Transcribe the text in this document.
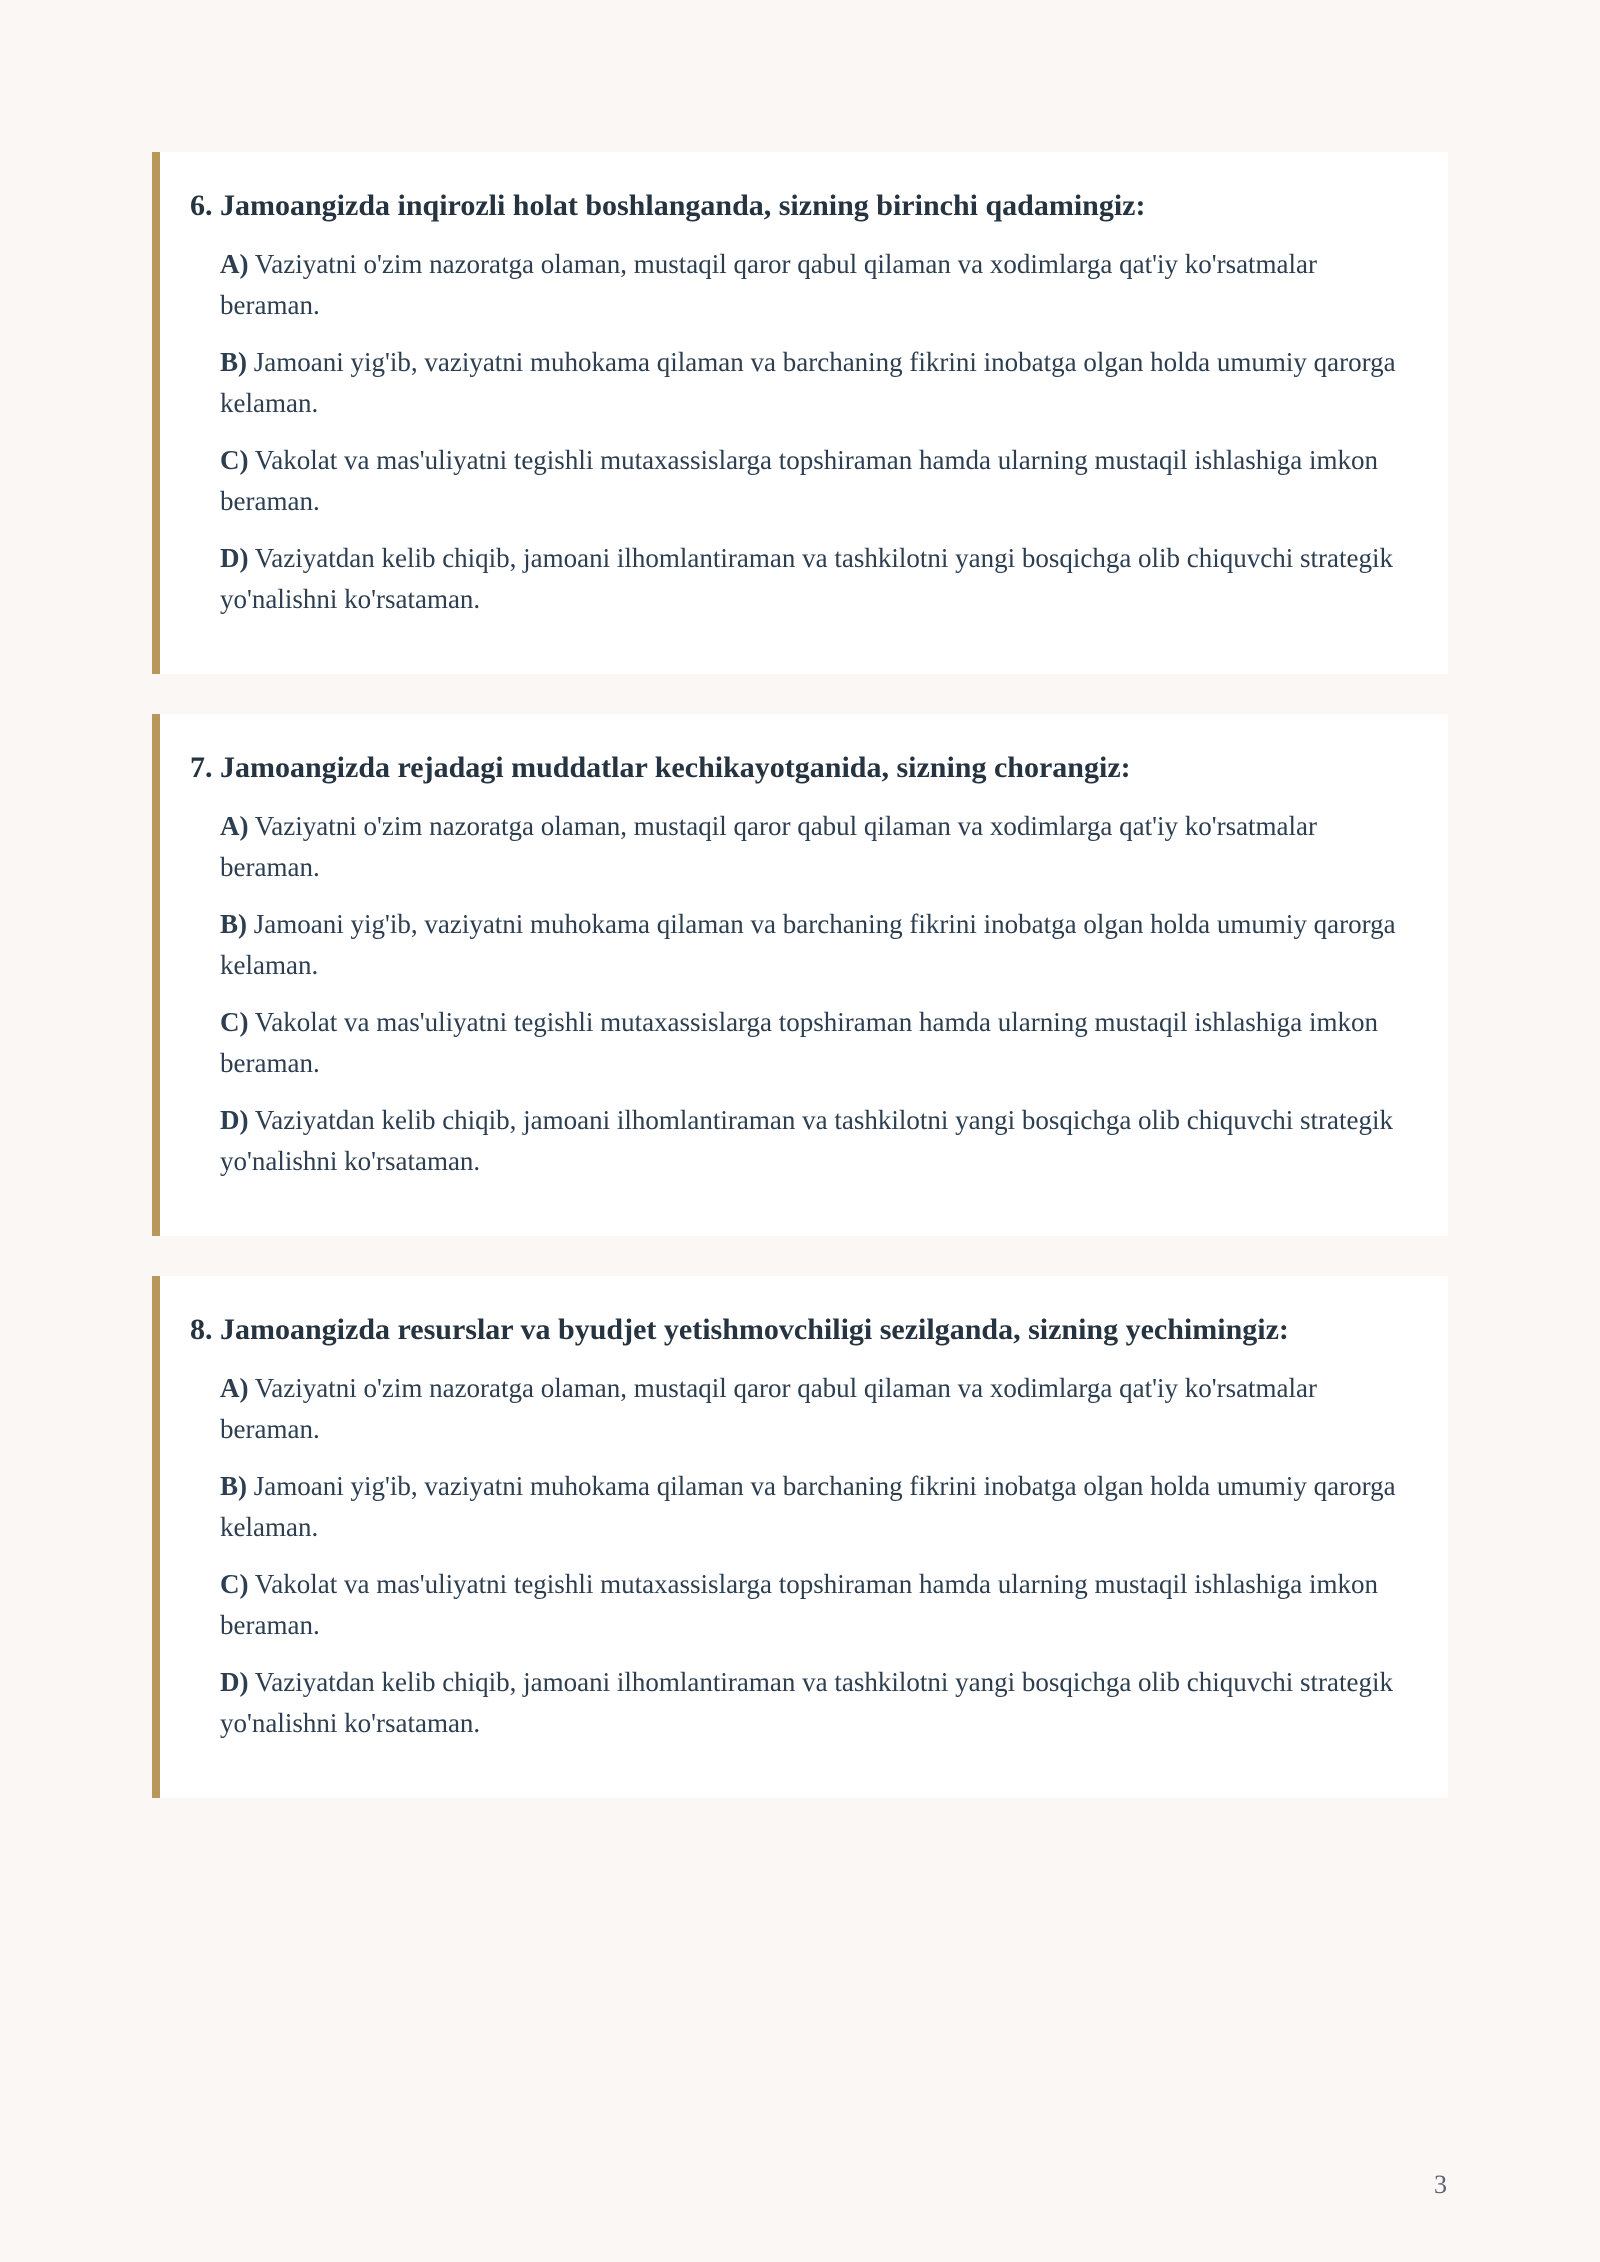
6. Jamoangizda inqirozli holat boshlanganda, sizning birinchi qadamingiz:

A) Vaziyatni o'zim nazoratga olaman, mustaqil qaror qabul qilaman va xodimlarga qat'iy ko'rsatmalar beraman.

B) Jamoani yig'ib, vaziyatni muhokama qilaman va barchaning fikrini inobatga olgan holda umumiy qarorga kelaman.

C) Vakolat va mas'uliyatni tegishli mutaxassislarga topshiraman hamda ularning mustaqil ishlashiga imkon beraman.

D) Vaziyatdan kelib chiqib, jamoani ilhomlantiraman va tashkilotni yangi bosqichga olib chiquvchi strategik yo'nalishni ko'rsataman.

7. Jamoangizda rejadagi muddatlar kechikayotganida, sizning chorangiz:

A) Vaziyatni o'zim nazoratga olaman, mustaqil qaror qabul qilaman va xodimlarga qat'iy ko'rsatmalar beraman.

B) Jamoani yig'ib, vaziyatni muhokama qilaman va barchaning fikrini inobatga olgan holda umumiy qarorga kelaman.

C) Vakolat va mas'uliyatni tegishli mutaxassislarga topshiraman hamda ularning mustaqil ishlashiga imkon beraman.

D) Vaziyatdan kelib chiqib, jamoani ilhomlantiraman va tashkilotni yangi bosqichga olib chiquvchi strategik yo'nalishni ko'rsataman.

8. Jamoangizda resurslar va byudjet yetishmovchiligi sezilganda, sizning yechimingiz:

A) Vaziyatni o'zim nazoratga olaman, mustaqil qaror qabul qilaman va xodimlarga qat'iy ko'rsatmalar beraman.

B) Jamoani yig'ib, vaziyatni muhokama qilaman va barchaning fikrini inobatga olgan holda umumiy qarorga kelaman.

C) Vakolat va mas'uliyatni tegishli mutaxassislarga topshiraman hamda ularning mustaqil ishlashiga imkon beraman.

D) Vaziyatdan kelib chiqib, jamoani ilhomlantiraman va tashkilotni yangi bosqichga olib chiquvchi strategik yo'nalishni ko'rsataman.

3
